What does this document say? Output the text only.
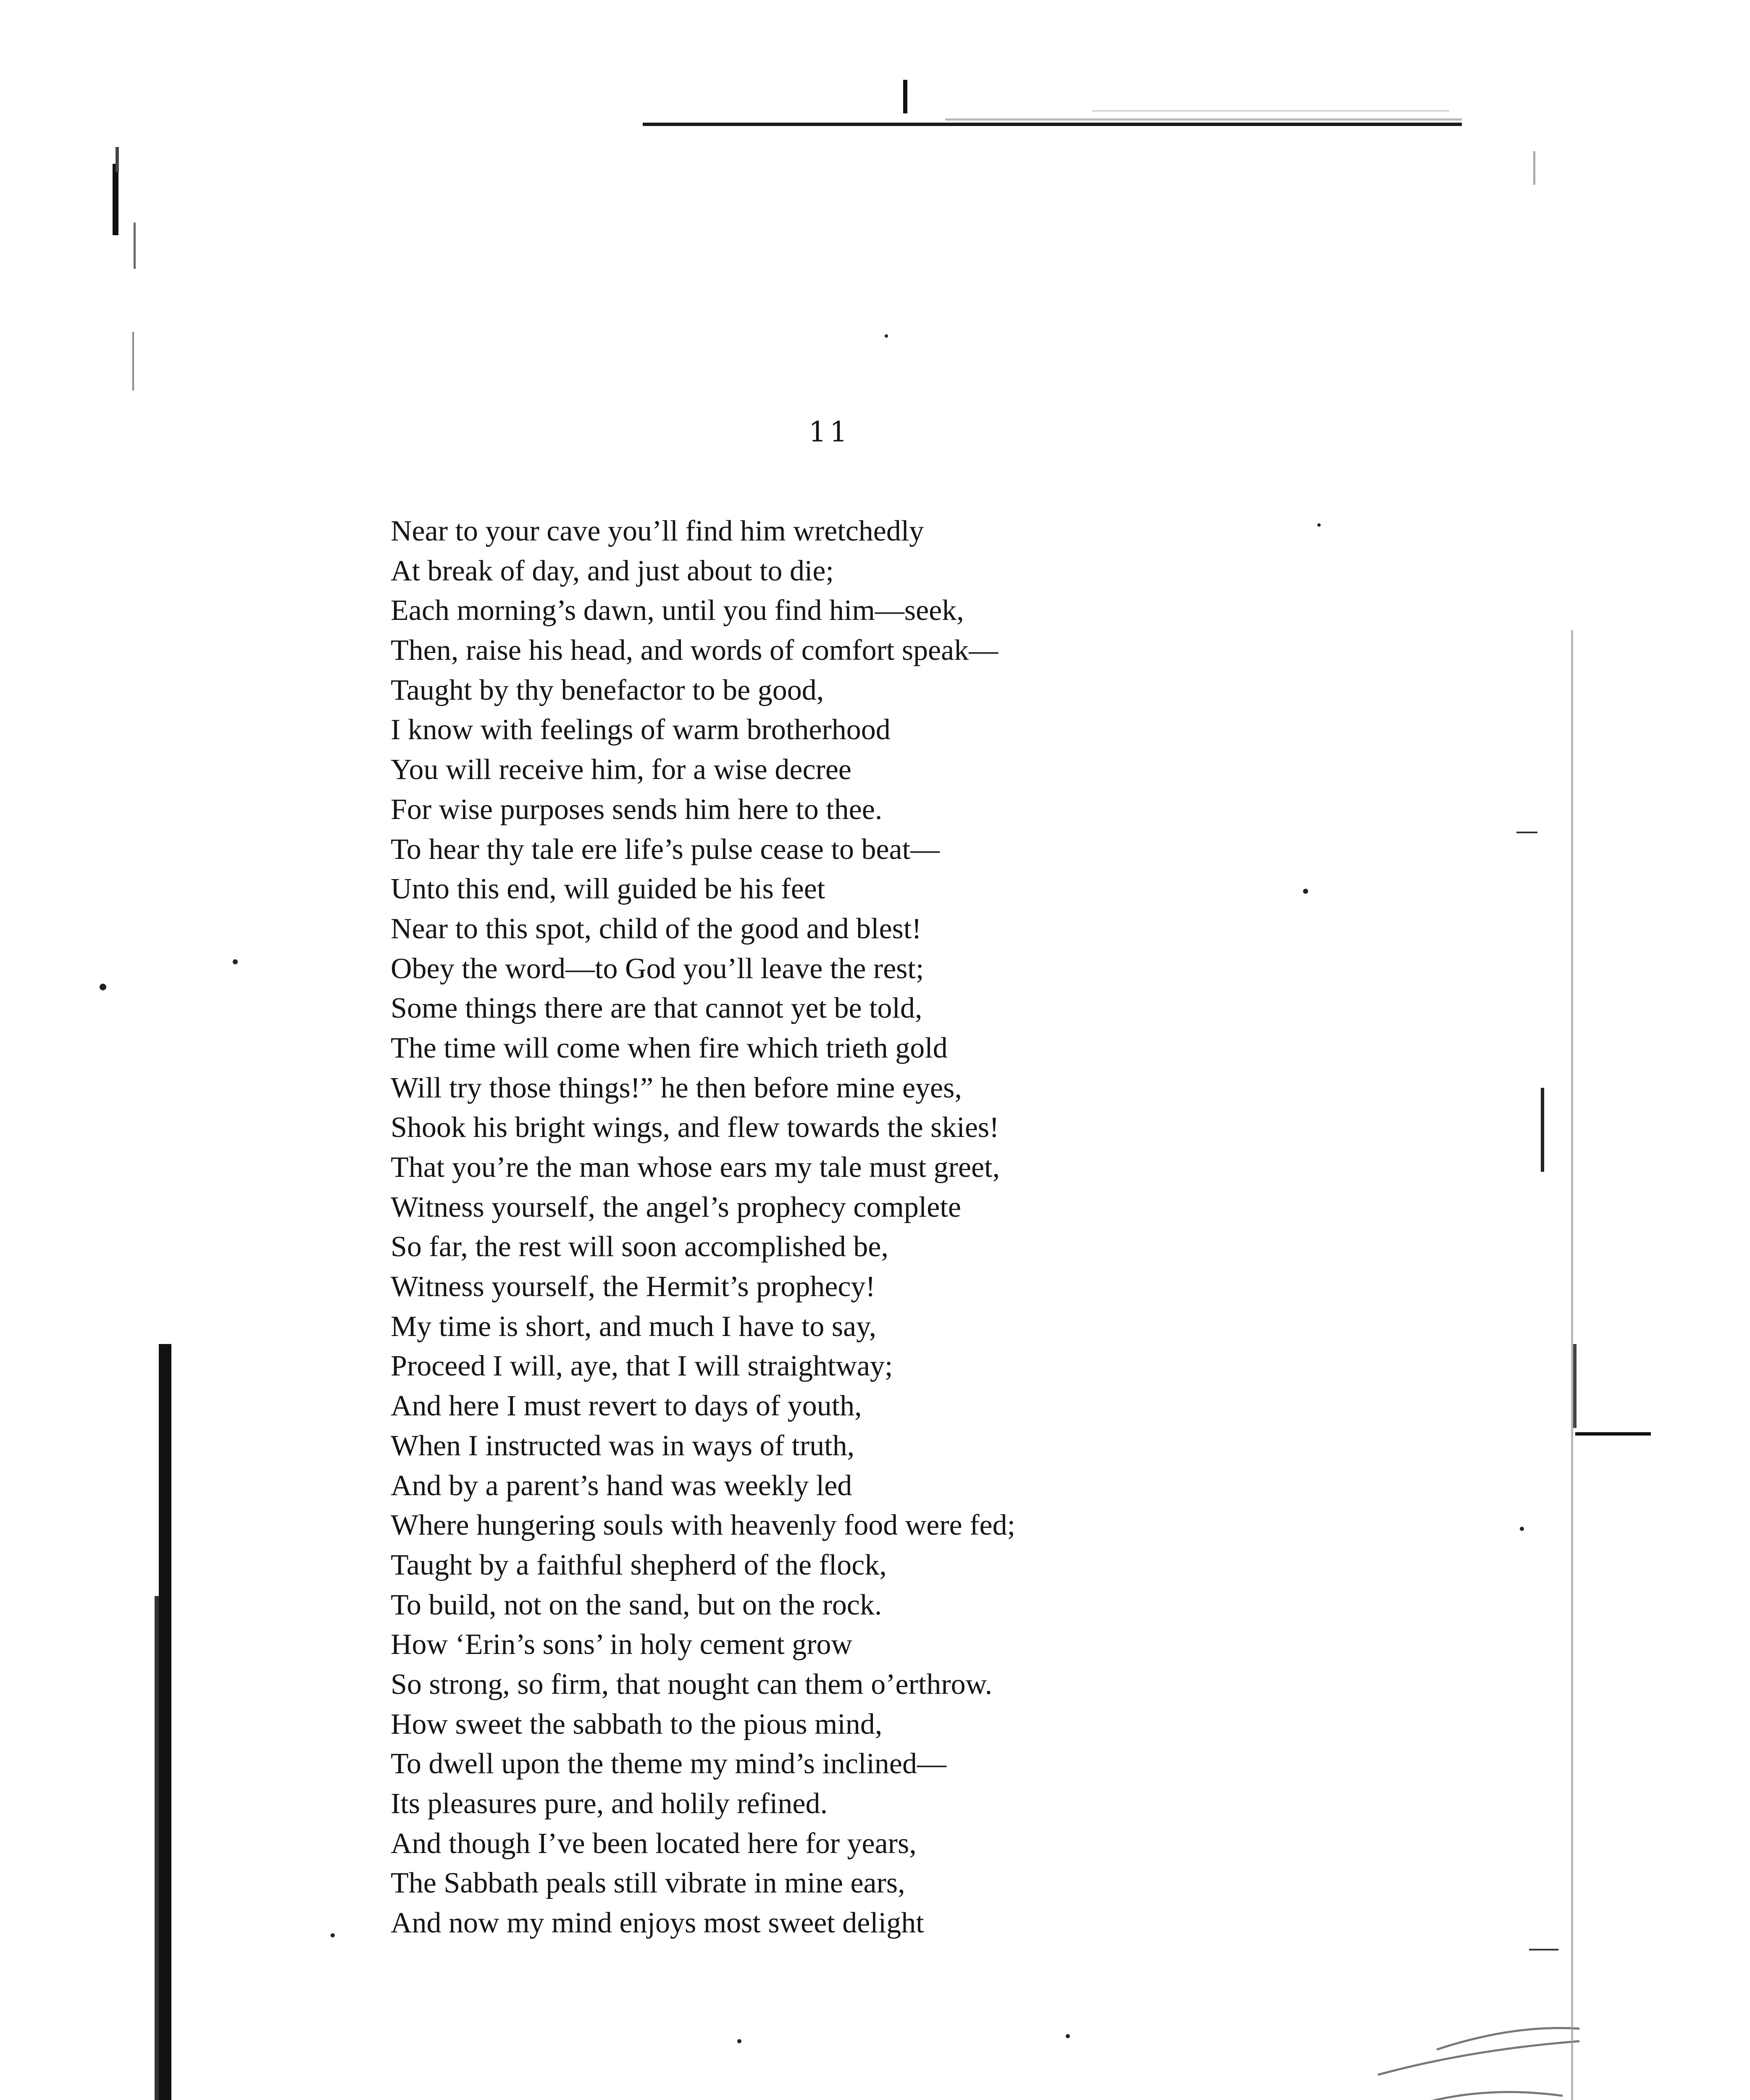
11
Near to your cave you’ll find him wretchedly
At break of day, and just about to die;
Each morning’s dawn, until you find him—seek,
Then, raise his head, and words of comfort speak—
Taught by thy benefactor to be good,
I know with feelings of warm brotherhood
You will receive him, for a wise decree
For wise purposes sends him here to thee.
To hear thy tale ere life’s pulse cease to beat—
Unto this end, will guided be his feet
Near to this spot, child of the good and blest!
Obey the word—to God you’ll leave the rest;
Some things there are that cannot yet be told,
The time will come when fire which trieth gold
Will try those things!” he then before mine eyes,
Shook his bright wings, and flew towards the skies!
That you’re the man whose ears my tale must greet,
Witness yourself, the angel’s prophecy complete
So far, the rest will soon accomplished be,
Witness yourself, the Hermit’s prophecy!
My time is short, and much I have to say,
Proceed I will, aye, that I will straightway;
And here I must revert to days of youth,
When I instructed was in ways of truth,
And by a parent’s hand was weekly led
Where hungering souls with heavenly food were fed;
Taught by a faithful shepherd of the flock,
To build, not on the sand, but on the rock.
How ‘Erin’s sons’ in holy cement grow
So strong, so firm, that nought can them o’erthrow.
How sweet the sabbath to the pious mind,
To dwell upon the theme my mind’s inclined—
Its pleasures pure, and holily refined.
And though I’ve been located here for years,
The Sabbath peals still vibrate in mine ears,
And now my mind enjoys most sweet delight
